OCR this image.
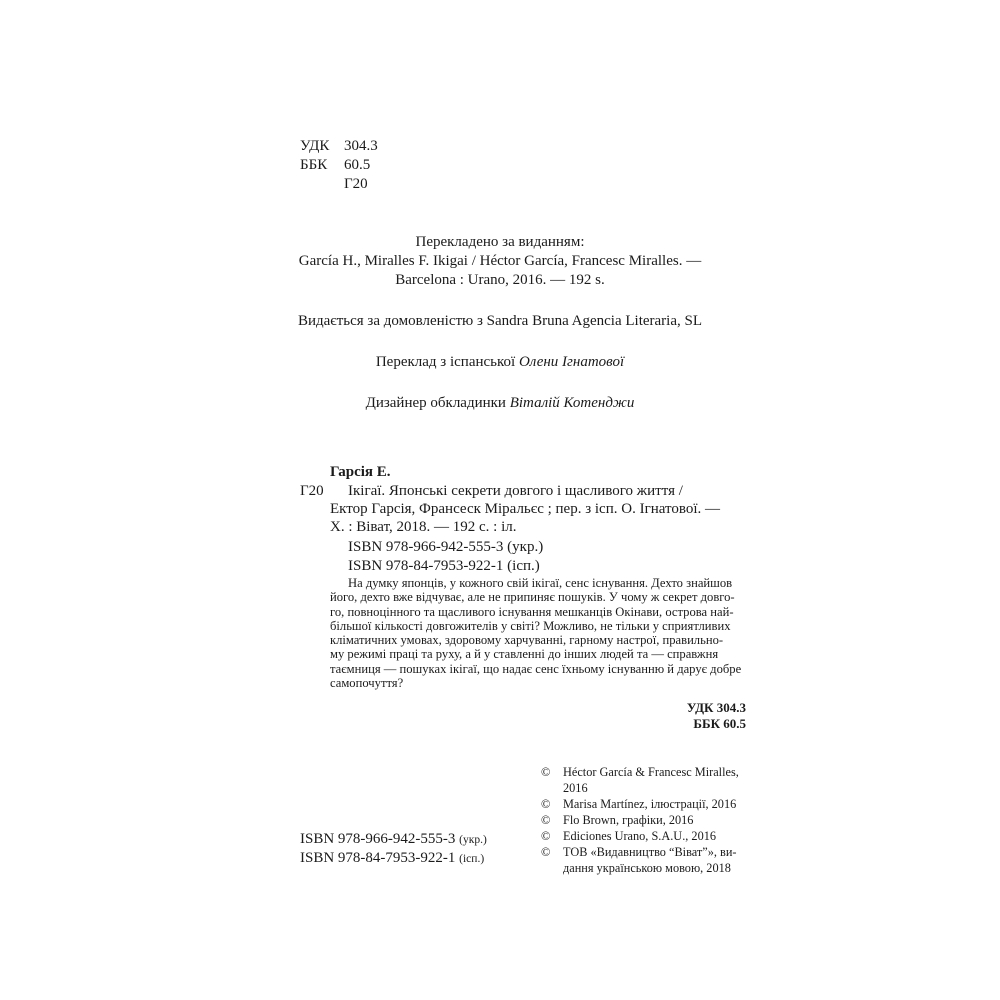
УДК 304.3
ББК	60.5
Г20
Перекладено за виданням:
García H., Miralles F. Ikigai / Héctor García, Francesc Miralles. —
Barcelona : Urano, 2016. — 192 s.
Видається за домовленістю з Sandra Bruna Agencia Literaria, SL
Переклад з іспанської Олени Ігнатової
Дизайнер обкладинки Віталій Котенджи
Гарсія Е.
Г20 Ікігаї. Японські секрети довгого і щасливого життя /
Ектор Гарсія, Франсеск Міральєс ; пер. з ісп. О. Ігнатової. —
Х. : Віват, 2018. — 192 с. : іл.
ISBN 978-966-942-555-3 (укр.)
ISBN 978-84-7953-922-1 (ісп.)

На думку японців, у кожного свій ікігаї, сенс існування. Дехто знайшов

його, дехто вже відчуває, але не припиняє пошуків. У чому ж секрет довго-

го, повноцінного та щасливого існування мешканців Окінави, острова най-

більшої кількості довгожителів у світі? Можливо, не тільки у сприятливих

кліматичних умовах, здоровому харчуванні, гарному настрої, правильно-

му режимі праці та руху, а й у ставленні до інших людей та — справжня

таємниця — пошуках ікігаї, що надає сенс їхньому існуванню й дарує добре

самопочуття?

УДК 304.3
ББК 60.5
© Héctor García & Francesc Miralles,
2016
© Marisa Martínez, ілюстрації, 2016
© Flo Brown, графіки, 2016
© Ediciones Urano, S.A.U., 2016
© ТОВ «Видавництво “Віват”», ви-
дання українською мовою, 2018
ISBN 978-966-942-555-3 (укр.)
ISBN 978-84-7953-922-1 (ісп.)
